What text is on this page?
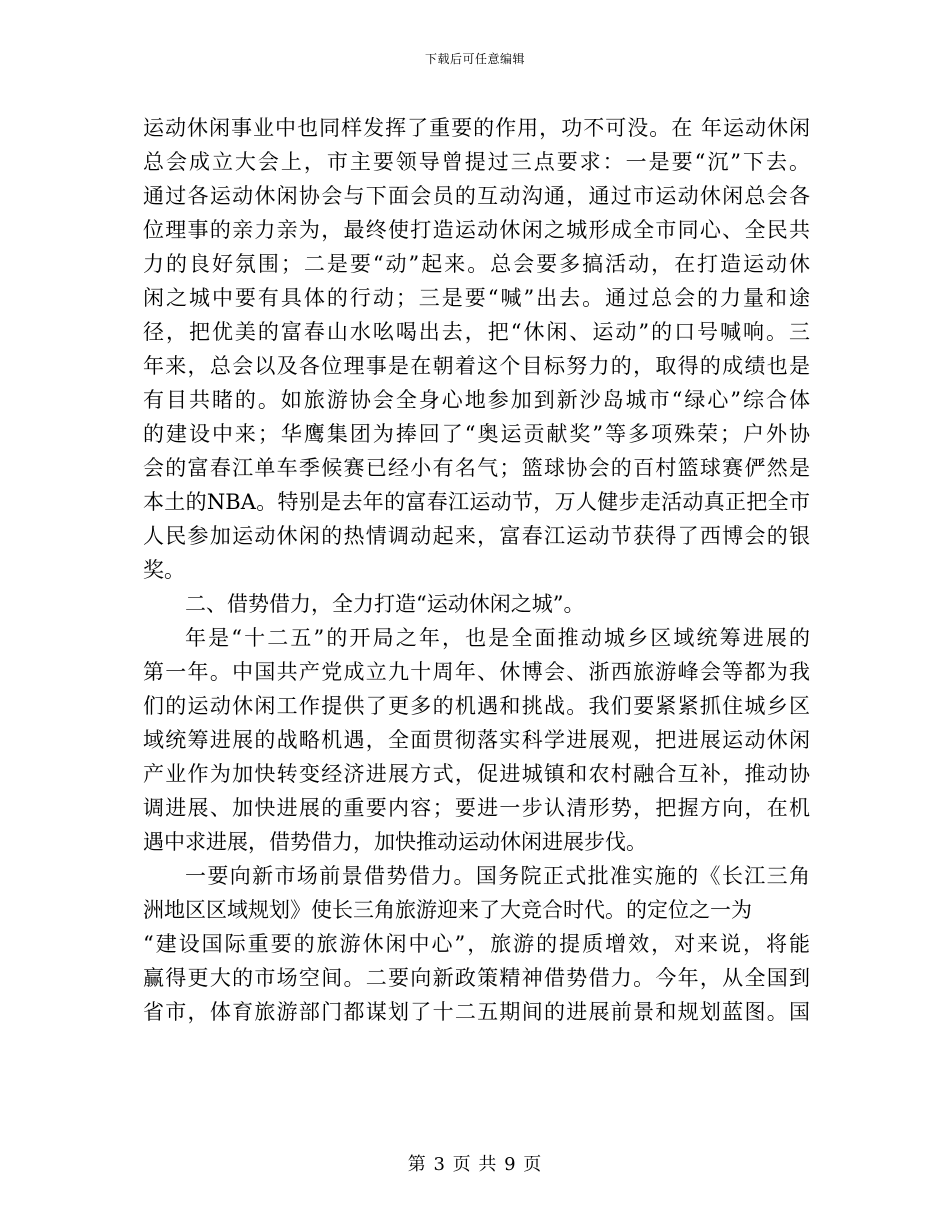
下载后可任意编辑
运动休闲事业中也同样发挥了重要的作用，功不可没。在 年运动休闲
总会成立大会上，市主要领导曾提过三点要求：一是要“沉”下去。
通过各运动休闲协会与下面会员的互动沟通，通过市运动休闲总会各
位理事的亲力亲为，最终使打造运动休闲之城形成全市同心、全民共
力的良好氛围；二是要“动”起来。总会要多搞活动，在打造运动休
闲之城中要有具体的行动；三是要“喊”出去。通过总会的力量和途
径，把优美的富春山水吆喝出去，把“休闲、运动”的口号喊响。三
年来，总会以及各位理事是在朝着这个目标努力的，取得的成绩也是
有目共睹的。如旅游协会全身心地参加到新沙岛城市“绿心”综合体
的建设中来；华鹰集团为捧回了“奥运贡献奖”等多项殊荣；户外协
会的富春江单车季候赛已经小有名气；篮球协会的百村篮球赛俨然是
本土的NBA。特别是去年的富春江运动节，万人健步走活动真正把全市
人民参加运动休闲的热情调动起来，富春江运动节获得了西博会的银
奖。
二、借势借力，全力打造“运动休闲之城”。
年是“十二五”的开局之年，也是全面推动城乡区域统筹进展的
第一年。中国共产党成立九十周年、休博会、浙西旅游峰会等都为我
们的运动休闲工作提供了更多的机遇和挑战。我们要紧紧抓住城乡区
域统筹进展的战略机遇，全面贯彻落实科学进展观，把进展运动休闲
产业作为加快转变经济进展方式，促进城镇和农村融合互补，推动协
调进展、加快进展的重要内容；要进一步认清形势，把握方向，在机
遇中求进展，借势借力，加快推动运动休闲进展步伐。
一要向新市场前景借势借力。国务院正式批准实施的《长江三角
洲地区区域规划》使长三角旅游迎来了大竞合时代。的定位之一为
“建设国际重要的旅游休闲中心”，旅游的提质增效，对来说，将能
赢得更大的市场空间。二要向新政策精神借势借力。今年，从全国到
省市，体育旅游部门都谋划了十二五期间的进展前景和规划蓝图。国
第 3 页 共 9 页
